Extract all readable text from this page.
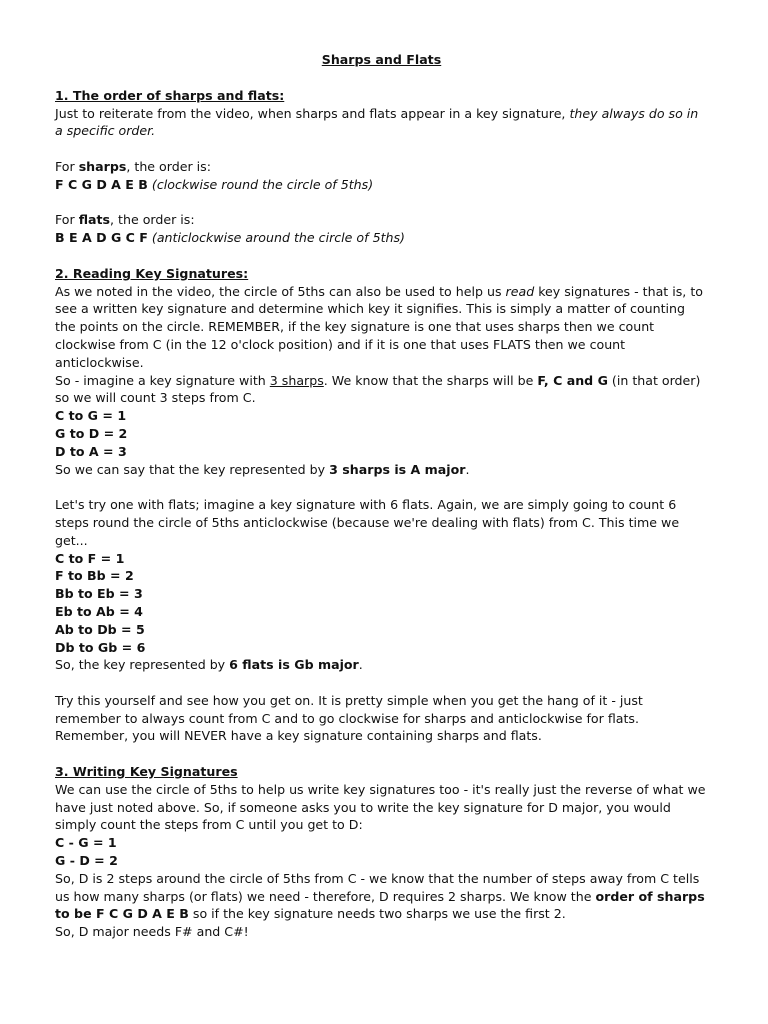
Sharps and Flats
1. The order of sharps and flats:
Just to reiterate from the video, when sharps and flats appear in a key signature, they always do so in a specific order.
For sharps, the order is:
F C G D A E B (clockwise round the circle of 5ths)
For flats, the order is:
B E A D G C F (anticlockwise around the circle of 5ths)
2. Reading Key Signatures:
As we noted in the video, the circle of 5ths can also be used to help us read key signatures - that is, to see a written key signature and determine which key it signifies. This is simply a matter of counting the points on the circle. REMEMBER, if the key signature is one that uses sharps then we count clockwise from C (in the 12 o'clock position) and if it is one that uses FLATS then we count anticlockwise.
So - imagine a key signature with 3 sharps. We know that the sharps will be F, C and G (in that order) so we will count 3 steps from C.
C to G = 1
G to D = 2
D to A = 3
So we can say that the key represented by 3 sharps is A major.
Let's try one with flats; imagine a key signature with 6 flats. Again, we are simply going to count 6 steps round the circle of 5ths anticlockwise (because we're dealing with flats) from C. This time we get...
C to F = 1
F to Bb = 2
Bb to Eb = 3
Eb to Ab = 4
Ab to Db = 5
Db to Gb = 6
So, the key represented by 6 flats is Gb major.
Try this yourself and see how you get on. It is pretty simple when you get the hang of it - just remember to always count from C and to go clockwise for sharps and anticlockwise for flats. Remember, you will NEVER have a key signature containing sharps and flats.
3. Writing Key Signatures
We can use the circle of 5ths to help us write key signatures too - it's really just the reverse of what we have just noted above. So, if someone asks you to write the key signature for D major, you would simply count the steps from C until you get to D:
C - G = 1
G - D = 2
So, D is 2 steps around the circle of 5ths from C - we know that the number of steps away from C tells us how many sharps (or flats) we need - therefore, D requires 2 sharps. We know the order of sharps to be F C G D A E B so if the key signature needs two sharps we use the first 2.
So, D major needs F# and C#!
